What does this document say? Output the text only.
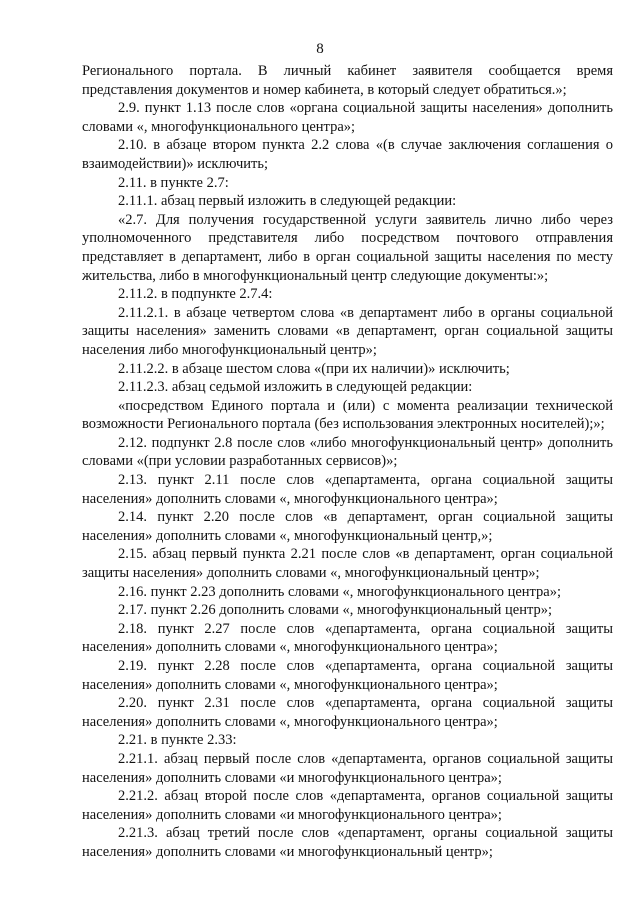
8

Регионального портала. В личный кабинет заявителя сообщается время представления документов и номер кабинета, в который следует обратиться.»;

2.9. пункт 1.13 после слов «органа социальной защиты населения» дополнить словами «, многофункционального центра»;

2.10. в абзаце втором пункта 2.2 слова «(в случае заключения соглашения о взаимодействии)» исключить;

2.11. в пункте 2.7:

2.11.1. абзац первый изложить в следующей редакции:

«2.7. Для получения государственной услуги заявитель лично либо через уполномоченного представителя либо посредством почтового отправления представляет в департамент, либо в орган социальной защиты населения по месту жительства, либо в многофункциональный центр следующие документы:»;

2.11.2. в подпункте 2.7.4:

2.11.2.1. в абзаце четвертом слова «в департамент либо в органы социальной защиты населения» заменить словами «в департамент, орган социальной защиты населения либо многофункциональный центр»;

2.11.2.2. в абзаце шестом слова «(при их наличии)» исключить;

2.11.2.3. абзац седьмой изложить в следующей редакции:

«посредством Единого портала и (или) с момента реализации технической возможности Регионального портала (без использования электронных носителей);»;

2.12. подпункт 2.8 после слов «либо многофункциональный центр» дополнить словами «(при условии разработанных сервисов)»;

2.13. пункт 2.11 после слов «департамента, органа социальной защиты населения» дополнить словами «, многофункционального центра»;

2.14. пункт 2.20 после слов «в департамент, орган социальной защиты населения» дополнить словами «, многофункциональный центр,»;

2.15. абзац первый пункта 2.21 после слов «в департамент, орган социальной защиты населения» дополнить словами «, многофункциональный центр»;

2.16. пункт 2.23 дополнить словами «, многофункционального центра»;

2.17. пункт 2.26 дополнить словами «, многофункциональный центр»;

2.18. пункт 2.27 после слов «департамента, органа социальной защиты населения» дополнить словами «, многофункционального центра»;

2.19. пункт 2.28 после слов «департамента, органа социальной защиты населения» дополнить словами «, многофункционального центра»;

2.20. пункт 2.31 после слов «департамента, органа социальной защиты населения» дополнить словами «, многофункционального центра»;

2.21. в пункте 2.33:

2.21.1. абзац первый после слов «департамента, органов социальной защиты населения» дополнить словами «и многофункционального центра»;

2.21.2. абзац второй после слов «департамента, органов социальной защиты населения» дополнить словами «и многофункционального центра»;

2.21.3. абзац третий после слов «департамент, органы социальной защиты населения» дополнить словами «и многофункциональный центр»;
